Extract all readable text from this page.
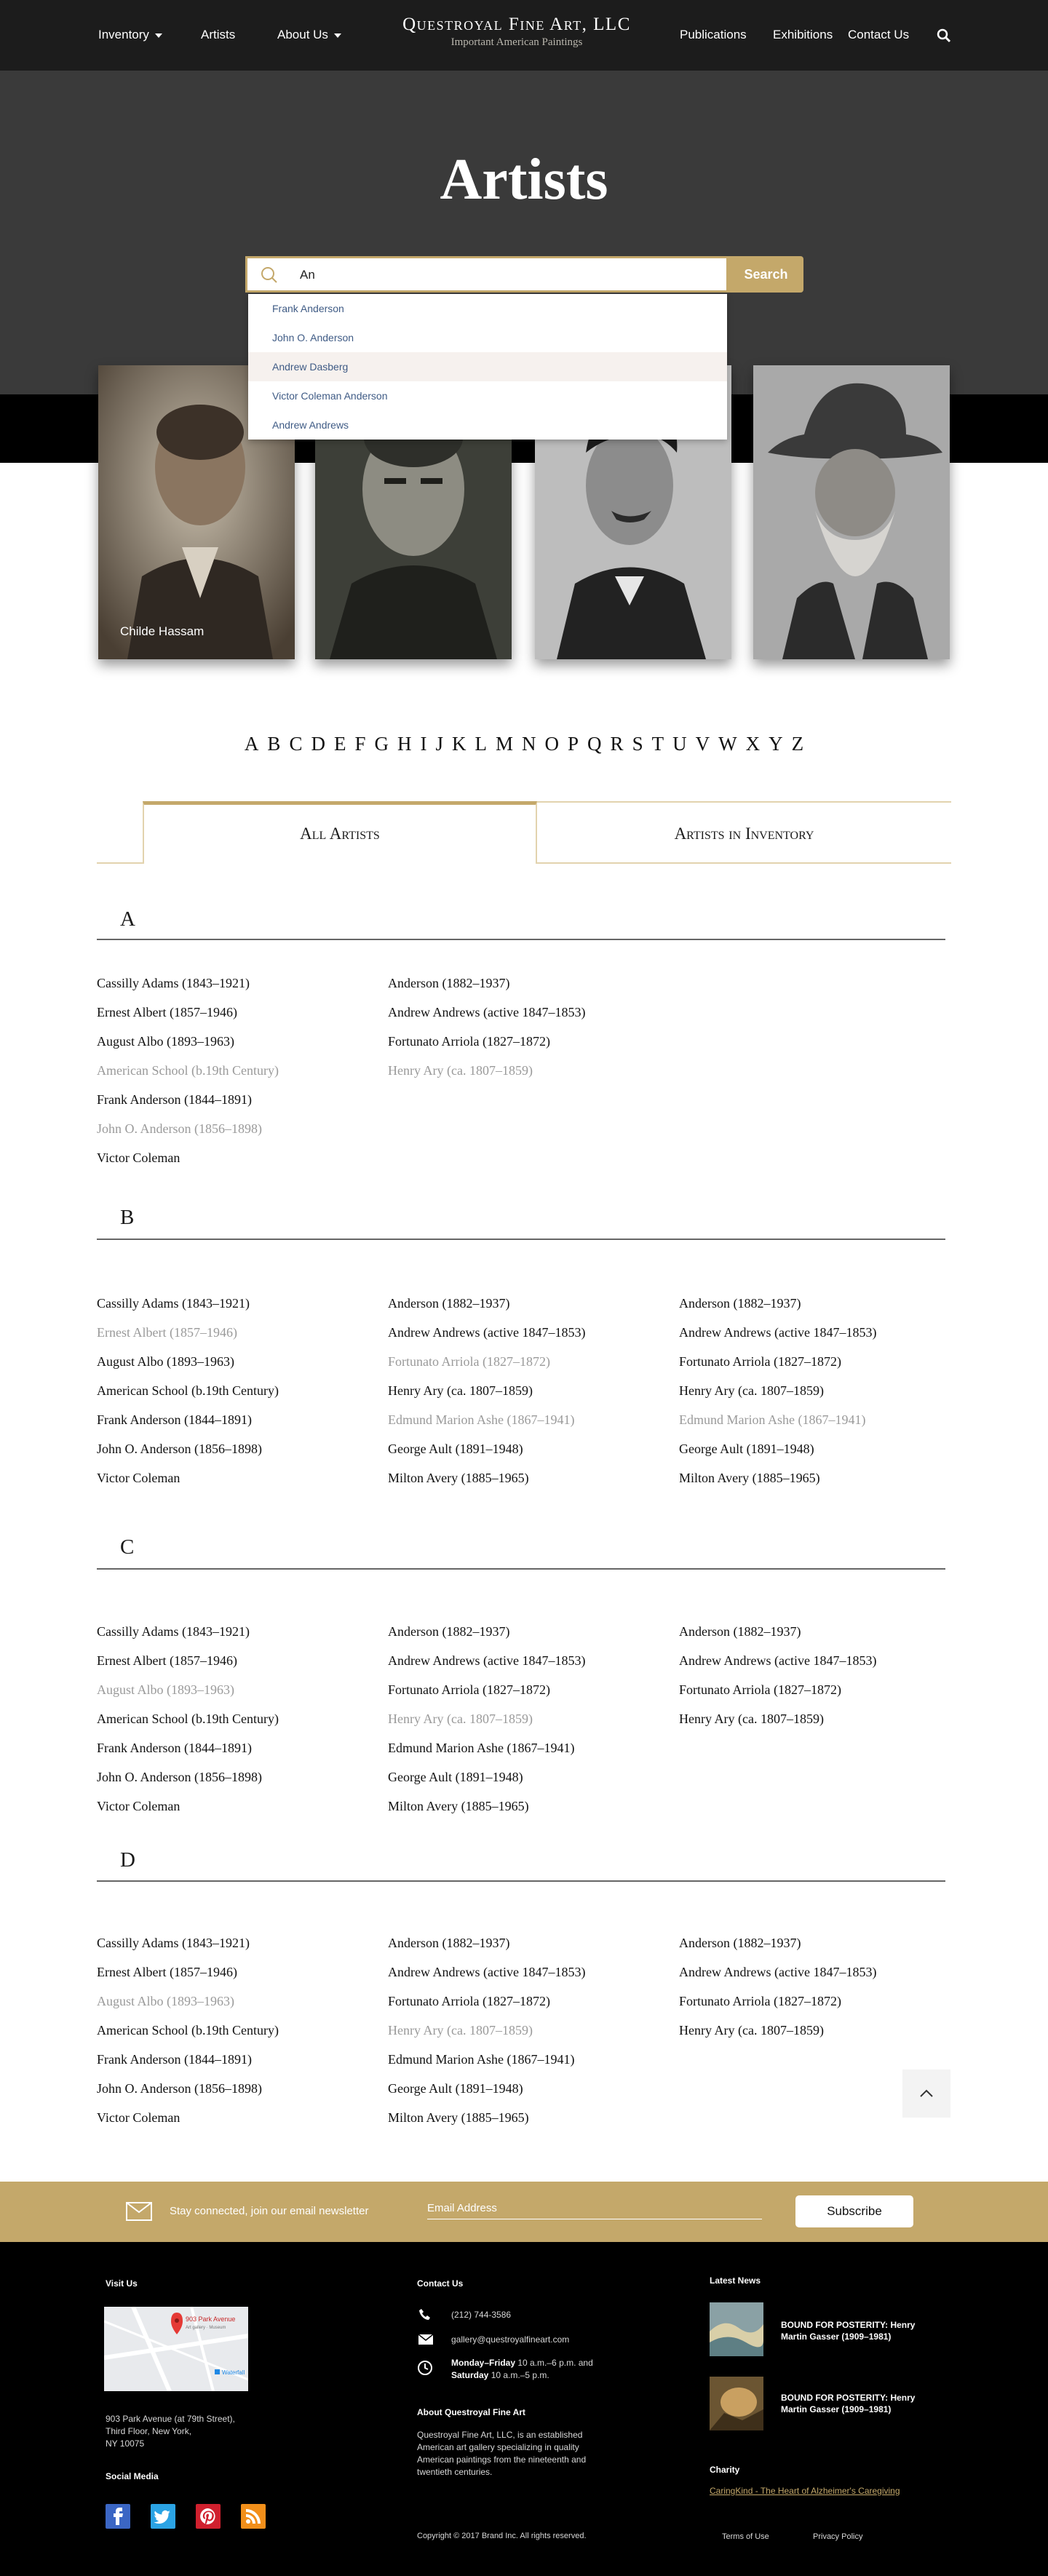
Inventory	Artists	About Us
Questroyal Fine Art, LLC
Important American Paintings
Publications Exhibitions Contact Us
Artists
An
Search
Frank Anderson
John O. Anderson
Andrew Dasberg
Victor Coleman Anderson
Andrew Andrews
Childe Hassam
A B C D E F G H I J K L M N O P Q R S T U V W X Y Z
All Artists	Artists in Inventory
A
Cassilly Adams (1843–1921)
Ernest Albert (1857–1946)
August Albo (1893–1963)
American School (b.19th Century)
Frank Anderson (1844–1891)
John O. Anderson (1856–1898)
Victor Coleman
Anderson (1882–1937)
Andrew Andrews (active 1847–1853)
Fortunato Arriola (1827–1872)
Henry Ary (ca. 1807–1859)
B
Cassilly Adams (1843–1921)
Ernest Albert (1857–1946)
August Albo (1893–1963)
American School (b.19th Century)
Frank Anderson (1844–1891)
John O. Anderson (1856–1898)
Victor Coleman
Anderson (1882–1937)
Andrew Andrews (active 1847–1853)
Fortunato Arriola (1827–1872)
Henry Ary (ca. 1807–1859)
Edmund Marion Ashe (1867–1941)
George Ault (1891–1948)
Milton Avery (1885–1965)
Anderson (1882–1937)
Andrew Andrews (active 1847–1853)
Fortunato Arriola (1827–1872)
Henry Ary (ca. 1807–1859)
Edmund Marion Ashe (1867–1941)
George Ault (1891–1948)
Milton Avery (1885–1965)
C
Cassilly Adams (1843–1921)
Ernest Albert (1857–1946)
August Albo (1893–1963)
American School (b.19th Century)
Frank Anderson (1844–1891)
John O. Anderson (1856–1898)
Victor Coleman
Anderson (1882–1937)
Andrew Andrews (active 1847–1853)
Fortunato Arriola (1827–1872)
Henry Ary (ca. 1807–1859)
Edmund Marion Ashe (1867–1941)
George Ault (1891–1948)
Milton Avery (1885–1965)
Anderson (1882–1937)
Andrew Andrews (active 1847–1853)
Fortunato Arriola (1827–1872)
Henry Ary (ca. 1807–1859)
D
Cassilly Adams (1843–1921)
Ernest Albert (1857–1946)
August Albo (1893–1963)
American School (b.19th Century)
Frank Anderson (1844–1891)
John O. Anderson (1856–1898)
Victor Coleman
Anderson (1882–1937)
Andrew Andrews (active 1847–1853)
Fortunato Arriola (1827–1872)
Henry Ary (ca. 1807–1859)
Edmund Marion Ashe (1867–1941)
George Ault (1891–1948)
Milton Avery (1885–1965)
Anderson (1882–1937)
Andrew Andrews (active 1847–1853)
Fortunato Arriola (1827–1872)
Henry Ary (ca. 1807–1859)
Stay connected, join our email newsletter
Email Address	Subscribe
Visit Us
903 Park Avenue
Art gallery · Museum
Waterfall
903 Park Avenue (at 79th Street),
Third Floor, New York,
NY 10075
Social Media
Contact Us
(212) 744-3586
gallery@questroyalfineart.com
Monday–Friday 10 a.m.–6 p.m. and
Saturday 10 a.m.–5 p.m.
About Questroyal Fine Art
Questroyal Fine Art, LLC, is an established American art gallery specializing in quality American paintings from the nineteenth and twentieth centuries.
Copyright © 2017 Brand Inc. All rights reserved.
Latest News
BOUND FOR POSTERITY: Henry Martin Gasser (1909–1981)
BOUND FOR POSTERITY: Henry Martin Gasser (1909–1981)
Charity
CaringKind - The Heart of Alzheimer's Caregiving
Terms of Use	Privacy Policy
